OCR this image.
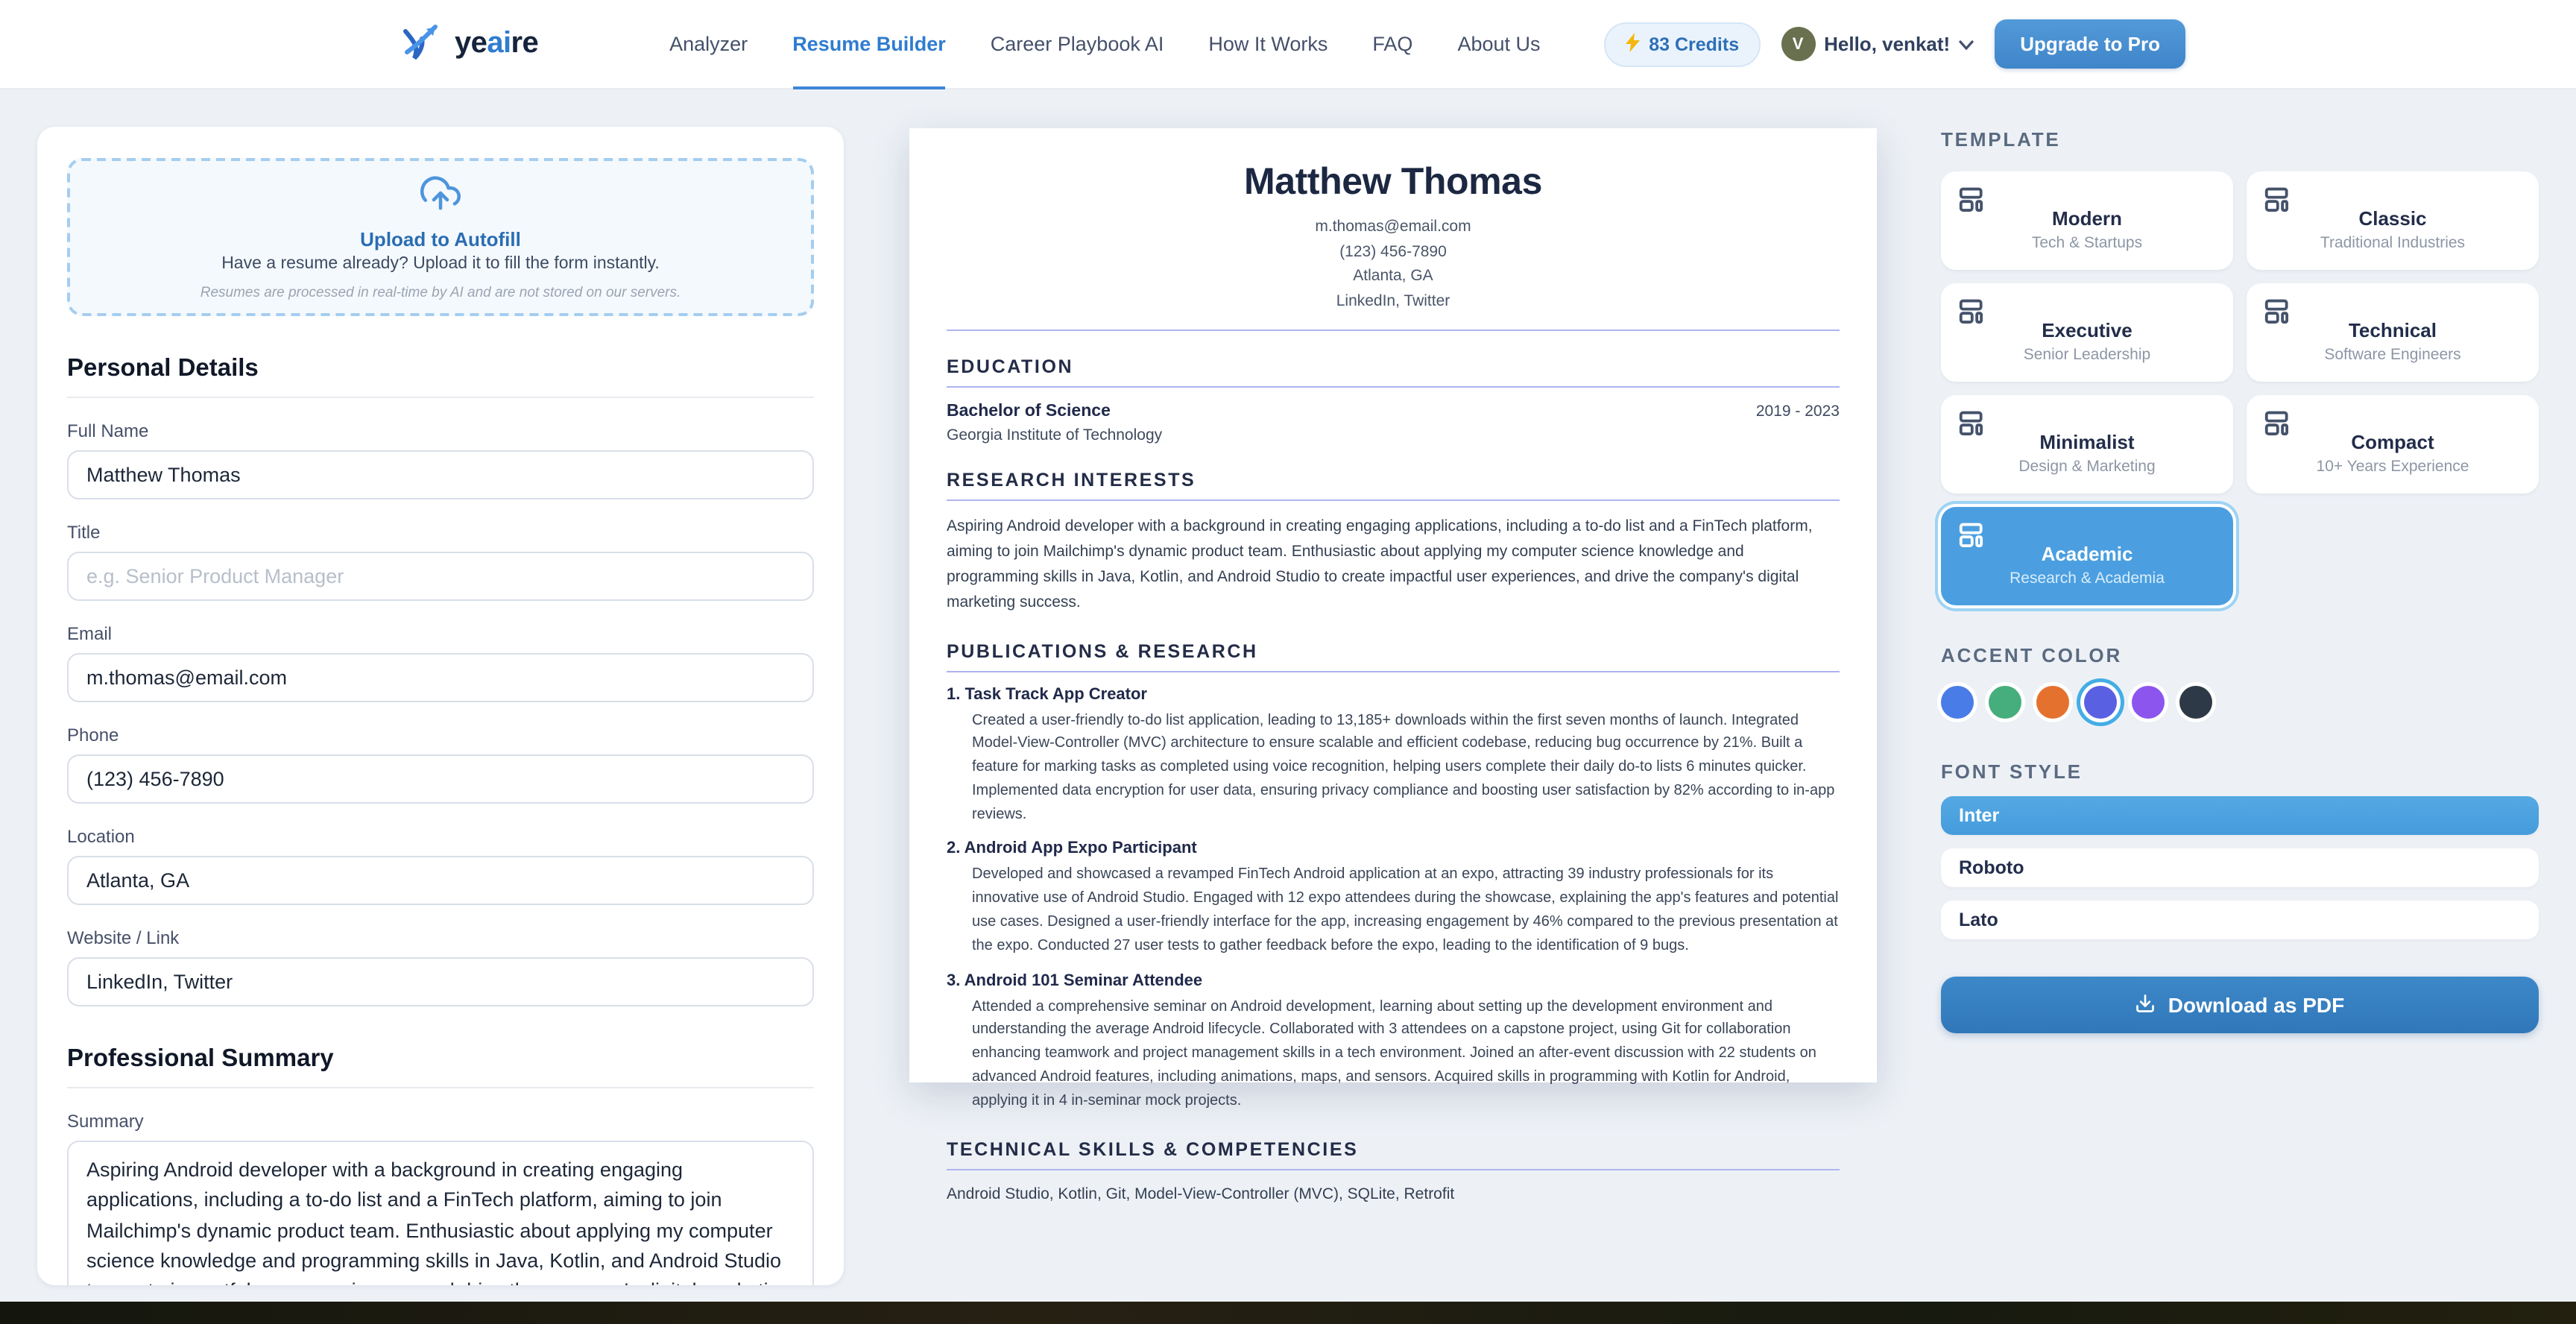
yeaire	Analyzer	Resume Builder	Career Playbook AI	How It Works	FAQ	About Us	83 Credits	V	Hello, venkat!	Upgrade to Pro
Upload to Autofill
Have a resume already? Upload it to fill the form instantly.
Resumes are processed in real-time by AI and are not stored on our servers.
Personal Details
Full Name
Matthew Thomas
Title
e.g. Senior Product Manager
Email
m.thomas@email.com
Phone
(123) 456-7890
Location
Atlanta, GA
Website / Link
LinkedIn, Twitter
Professional Summary
Summary
Aspiring Android developer with a background in creating engaging applications, including a to-do list and a FinTech platform, aiming to join Mailchimp's dynamic product team. Enthusiastic about applying my computer science knowledge and programming skills in Java, Kotlin, and Android Studio to create impactful user experiences, and drive the company's digital marketing success.
Matthew Thomas
m.thomas@email.com
(123) 456-7890
Atlanta, GA
LinkedIn, Twitter
EDUCATION
Bachelor of Science	2019 - 2023
Georgia Institute of Technology
RESEARCH INTERESTS
Aspiring Android developer with a background in creating engaging applications, including a to-do list and a FinTech platform, aiming to join Mailchimp's dynamic product team. Enthusiastic about applying my computer science knowledge and programming skills in Java, Kotlin, and Android Studio to create impactful user experiences, and drive the company's digital marketing success.
PUBLICATIONS & RESEARCH
1. Task Track App Creator
Created a user-friendly to-do list application, leading to 13,185+ downloads within the first seven months of launch. Integrated Model-View-Controller (MVC) architecture to ensure scalable and efficient codebase, reducing bug occurrence by 21%. Built a feature for marking tasks as completed using voice recognition, helping users complete their daily do-to lists 6 minutes quicker. Implemented data encryption for user data, ensuring privacy compliance and boosting user satisfaction by 82% according to in-app reviews.
2. Android App Expo Participant
Developed and showcased a revamped FinTech Android application at an expo, attracting 39 industry professionals for its innovative use of Android Studio. Engaged with 12 expo attendees during the showcase, explaining the app's features and potential use cases. Designed a user-friendly interface for the app, increasing engagement by 46% compared to the previous presentation at the expo. Conducted 27 user tests to gather feedback before the expo, leading to the identification of 9 bugs.
3. Android 101 Seminar Attendee
Attended a comprehensive seminar on Android development, learning about setting up the development environment and understanding the average Android lifecycle. Collaborated with 3 attendees on a capstone project, using Git for collaboration enhancing teamwork and project management skills in a tech environment. Joined an after-event discussion with 22 students on advanced Android features, including animations, maps, and sensors. Acquired skills in programming with Kotlin for Android, applying it in 4 in-seminar mock projects.
TECHNICAL SKILLS & COMPETENCIES
Android Studio, Kotlin, Git, Model-View-Controller (MVC), SQLite, Retrofit
TEMPLATE
Modern
Tech & Startups
Classic
Traditional Industries
Executive
Senior Leadership
Technical
Software Engineers
Minimalist
Design & Marketing
Compact
10+ Years Experience
Academic
Research & Academia
ACCENT COLOR
FONT STYLE
Inter
Roboto
Lato
Download as PDF
